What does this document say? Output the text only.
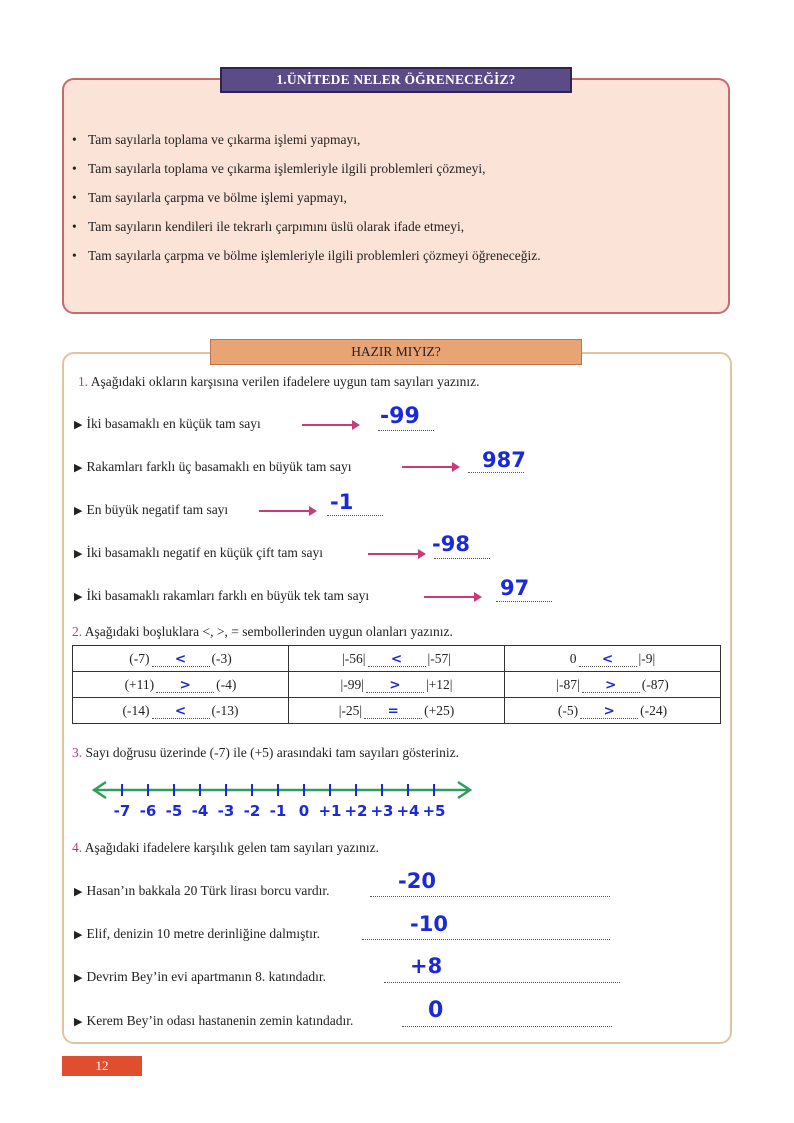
1.ÜNİTEDE NELER ÖĞRENECEĞİZ?
• Tam sayılarla toplama ve çıkarma işlemi yapmayı,
• Tam sayılarla toplama ve çıkarma işlemleriyle ilgili problemleri çözmeyi,
• Tam sayılarla çarpma ve bölme işlemi yapmayı,
• Tam sayıların kendileri ile tekrarlı çarpımını üslü olarak ifade etmeyi,
• Tam sayılarla çarpma ve bölme işlemleriyle ilgili problemleri çözmeyi öğreneceğiz.
HAZIR MIYIZ?
1. Aşağıdaki okların karşısına verilen ifadelere uygun tam sayıları yazınız.
▶ İki basamaklı en küçük tam sayı	-99
▶ Rakamları farklı üç basamaklı en büyük tam sayı	987
▶ En büyük negatif tam sayı	-1
▶ İki basamaklı negatif en küçük çift tam sayı	-98
▶ İki basamaklı rakamları farklı en büyük tek tam sayı	97
2. Aşağıdaki boşluklara <, >, = sembollerinden uygun olanları yazınız.
(-7) < (-3)	|-56| < |-57|	0 < |-9|
(+11) > (-4)	|-99| > |+12|	|-87| > (-87)
(-14) < (-13)	|-25| = (+25)	(-5) > (-24)
3. Sayı doğrusu üzerinde (-7) ile (+5) arasındaki tam sayıları gösteriniz.
-7 -6 -5 -4 -3 -2 -1 0 +1 +2 +3 +4 +5
4. Aşağıdaki ifadelere karşılık gelen tam sayıları yazınız.
▶ Hasan’ın bakkala 20 Türk lirası borcu vardır.	-20
▶ Elif, denizin 10 metre derinliğine dalmıştır.	-10
▶ Devrim Bey’in evi apartmanın 8. katındadır.	+8
▶ Kerem Bey’in odası hastanenin zemin katındadır.	0
12
